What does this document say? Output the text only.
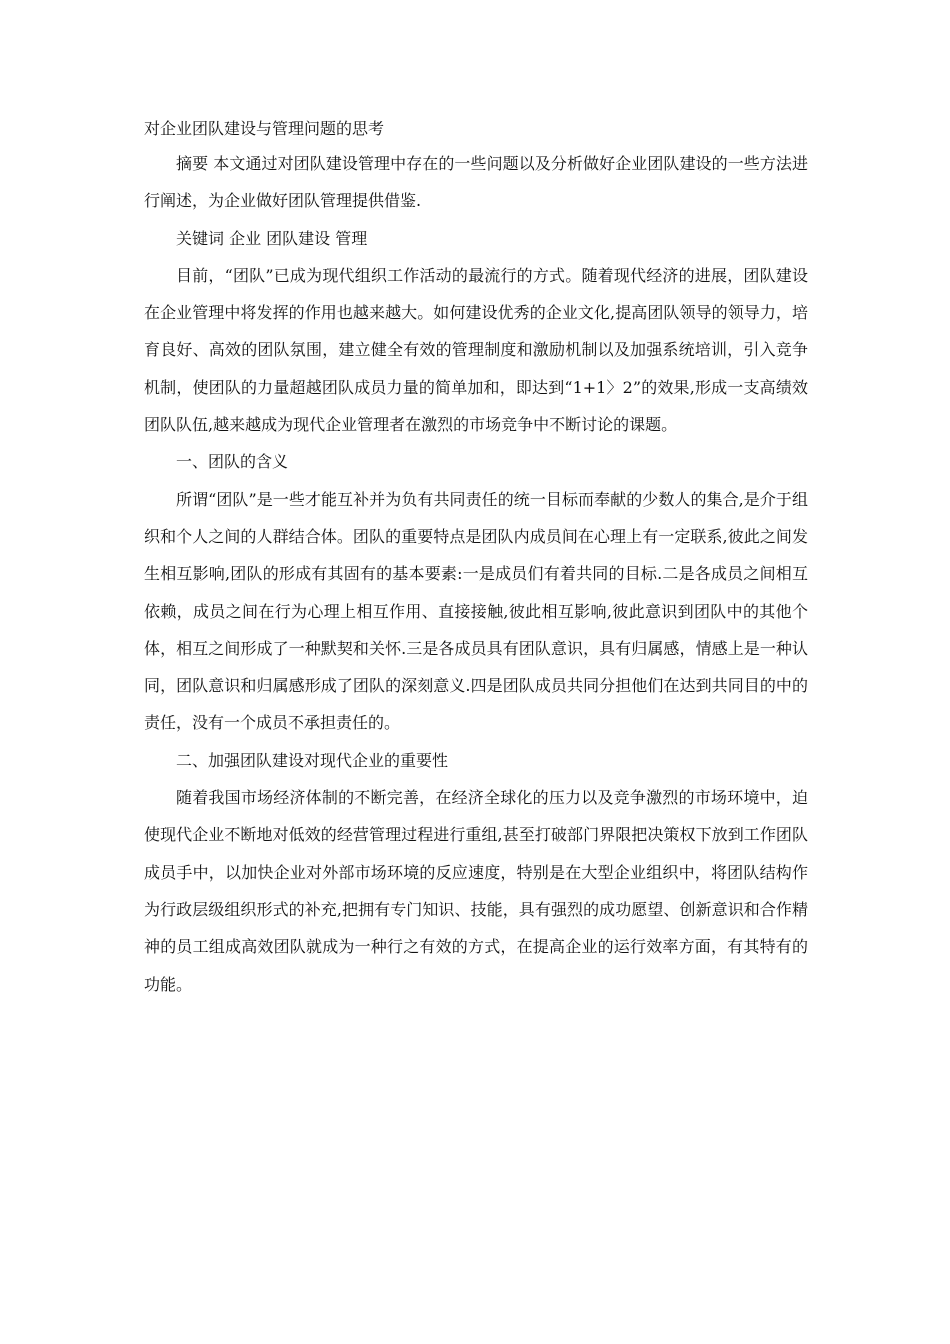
对企业团队建设与管理问题的思考

摘要 本文通过对团队建设管理中存在的一些问题以及分析做好企业团队建设的一些方法进行阐述，为企业做好团队管理提供借鉴.

关键词 企业 团队建设 管理

目前，“团队”已成为现代组织工作活动的最流行的方式。随着现代经济的进展，团队建设在企业管理中将发挥的作用也越来越大。如何建设优秀的企业文化,提高团队领导的领导力，培育良好、高效的团队氛围，建立健全有效的管理制度和激励机制以及加强系统培训，引入竞争机制，使团队的力量超越团队成员力量的简单加和，即达到“1+1〉2”的效果,形成一支高绩效团队队伍,越来越成为现代企业管理者在激烈的市场竞争中不断讨论的课题。

一、团队的含义

所谓“团队”是一些才能互补并为负有共同责任的统一目标而奉献的少数人的集合,是介于组织和个人之间的人群结合体。团队的重要特点是团队内成员间在心理上有一定联系,彼此之间发生相互影响,团队的形成有其固有的基本要素:一是成员们有着共同的目标.二是各成员之间相互依赖，成员之间在行为心理上相互作用、直接接触,彼此相互影响,彼此意识到团队中的其他个体，相互之间形成了一种默契和关怀.三是各成员具有团队意识，具有归属感，情感上是一种认同，团队意识和归属感形成了团队的深刻意义.四是团队成员共同分担他们在达到共同目的中的责任，没有一个成员不承担责任的。

二、加强团队建设对现代企业的重要性

随着我国市场经济体制的不断完善，在经济全球化的压力以及竞争激烈的市场环境中，迫使现代企业不断地对低效的经营管理过程进行重组,甚至打破部门界限把决策权下放到工作团队成员手中，以加快企业对外部市场环境的反应速度，特别是在大型企业组织中，将团队结构作为行政层级组织形式的补充,把拥有专门知识、技能，具有强烈的成功愿望、创新意识和合作精神的员工组成高效团队就成为一种行之有效的方式，在提高企业的运行效率方面，有其特有的功能。
